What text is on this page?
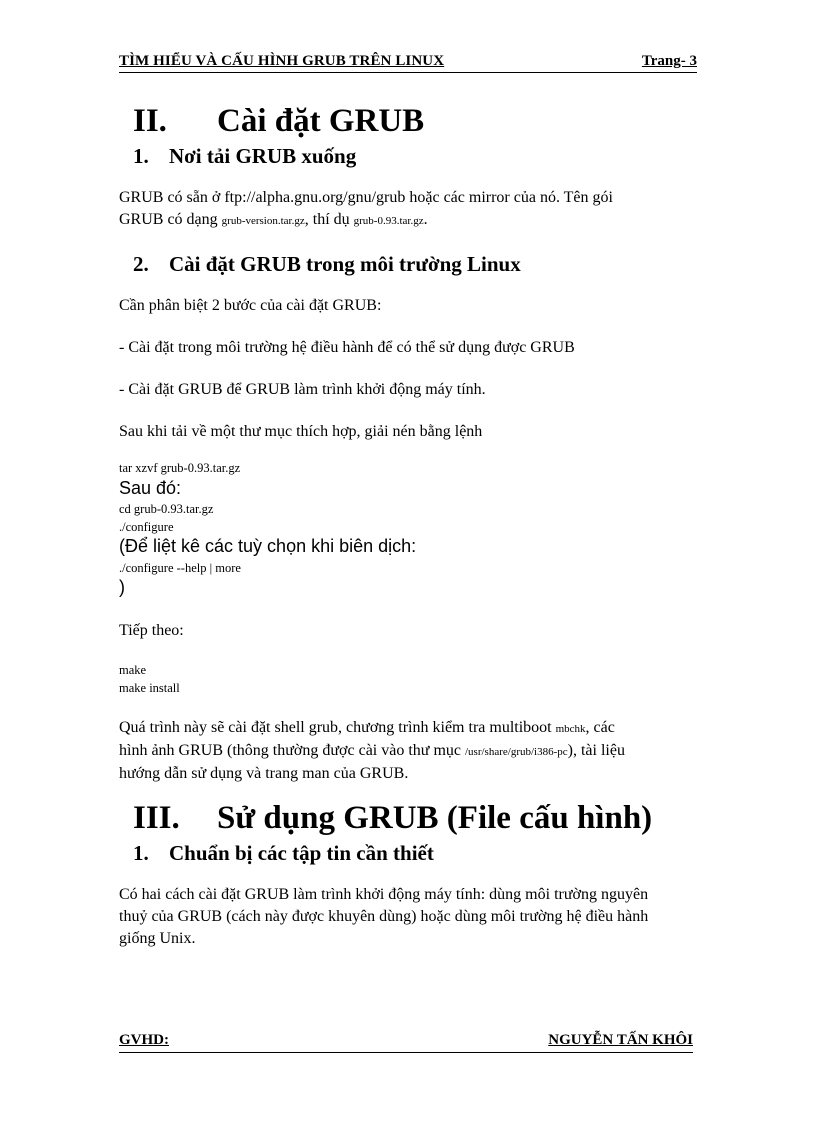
TÌM HIỂU VÀ CẤU HÌNH GRUB TRÊN LINUX	Trang- 3
II. Cài đặt GRUB
1. Nơi tải GRUB xuống
GRUB có sẵn ở ftp://alpha.gnu.org/gnu/grub hoặc các mirror của nó. Tên gói
GRUB có dạng grub-version.tar.gz, thí dụ grub-0.93.tar.gz.
2. Cài đặt GRUB trong môi trường Linux
Cần phân biệt 2 bước của cài đặt GRUB:
- Cài đặt trong môi trường hệ điều hành để có thể sử dụng được GRUB
- Cài đặt GRUB để GRUB làm trình khởi động máy tính.
Sau khi tải về một thư mục thích hợp, giải nén bằng lệnh
tar xzvf grub-0.93.tar.gz
Sau đó:
cd grub-0.93.tar.gz
./configure
(Để liệt kê các tuỳ chọn khi biên dịch:
./configure --help | more
)
Tiếp theo:
make
make install
Quá trình này sẽ cài đặt shell grub, chương trình kiểm tra multiboot mbchk, các
hình ảnh GRUB (thông thường được cài vào thư mục /usr/share/grub/i386-pc), tài liệu
hướng dẫn sử dụng và trang man của GRUB.
III. Sử dụng GRUB (File cấu hình)
1. Chuẩn bị các tập tin cần thiết
Có hai cách cài đặt GRUB làm trình khởi động máy tính: dùng môi trường nguyên
thuỷ của GRUB (cách này được khuyên dùng) hoặc dùng môi trường hệ điều hành
giống Unix.
GVHD:	NGUYỄN TẤN KHÔI
